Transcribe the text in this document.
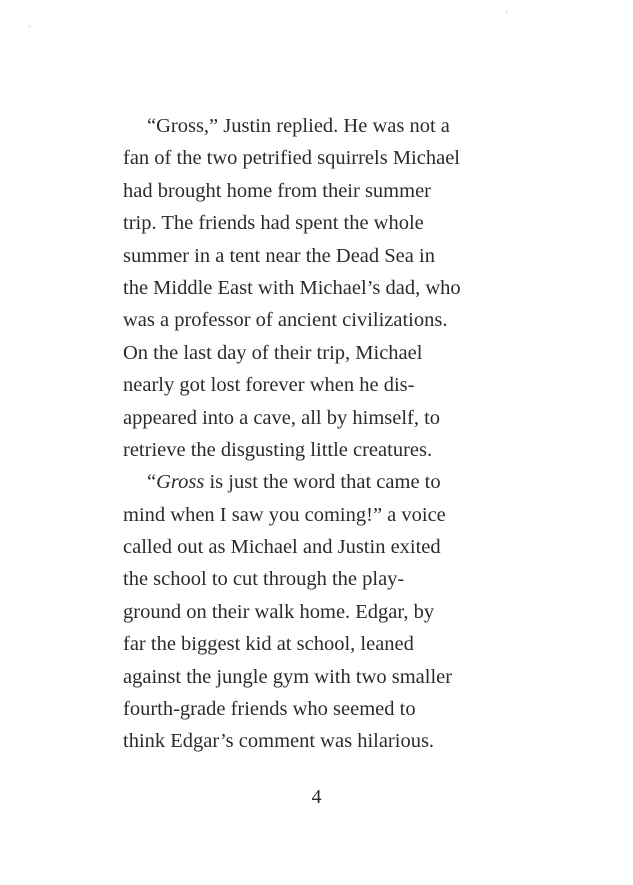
“Gross,” Justin replied. He was not a
fan of the two petrified squirrels Michael
had brought home from their summer
trip. The friends had spent the whole
summer in a tent near the Dead Sea in
the Middle East with Michael’s dad, who
was a professor of ancient civilizations.
On the last day of their trip, Michael
nearly got lost forever when he dis-
appeared into a cave, all by himself, to
retrieve the disgusting little creatures.
“Gross is just the word that came to
mind when I saw you coming!” a voice
called out as Michael and Justin exited
the school to cut through the play-
ground on their walk home. Edgar, by
far the biggest kid at school, leaned
against the jungle gym with two smaller
fourth-grade friends who seemed to
think Edgar’s comment was hilarious.
4
